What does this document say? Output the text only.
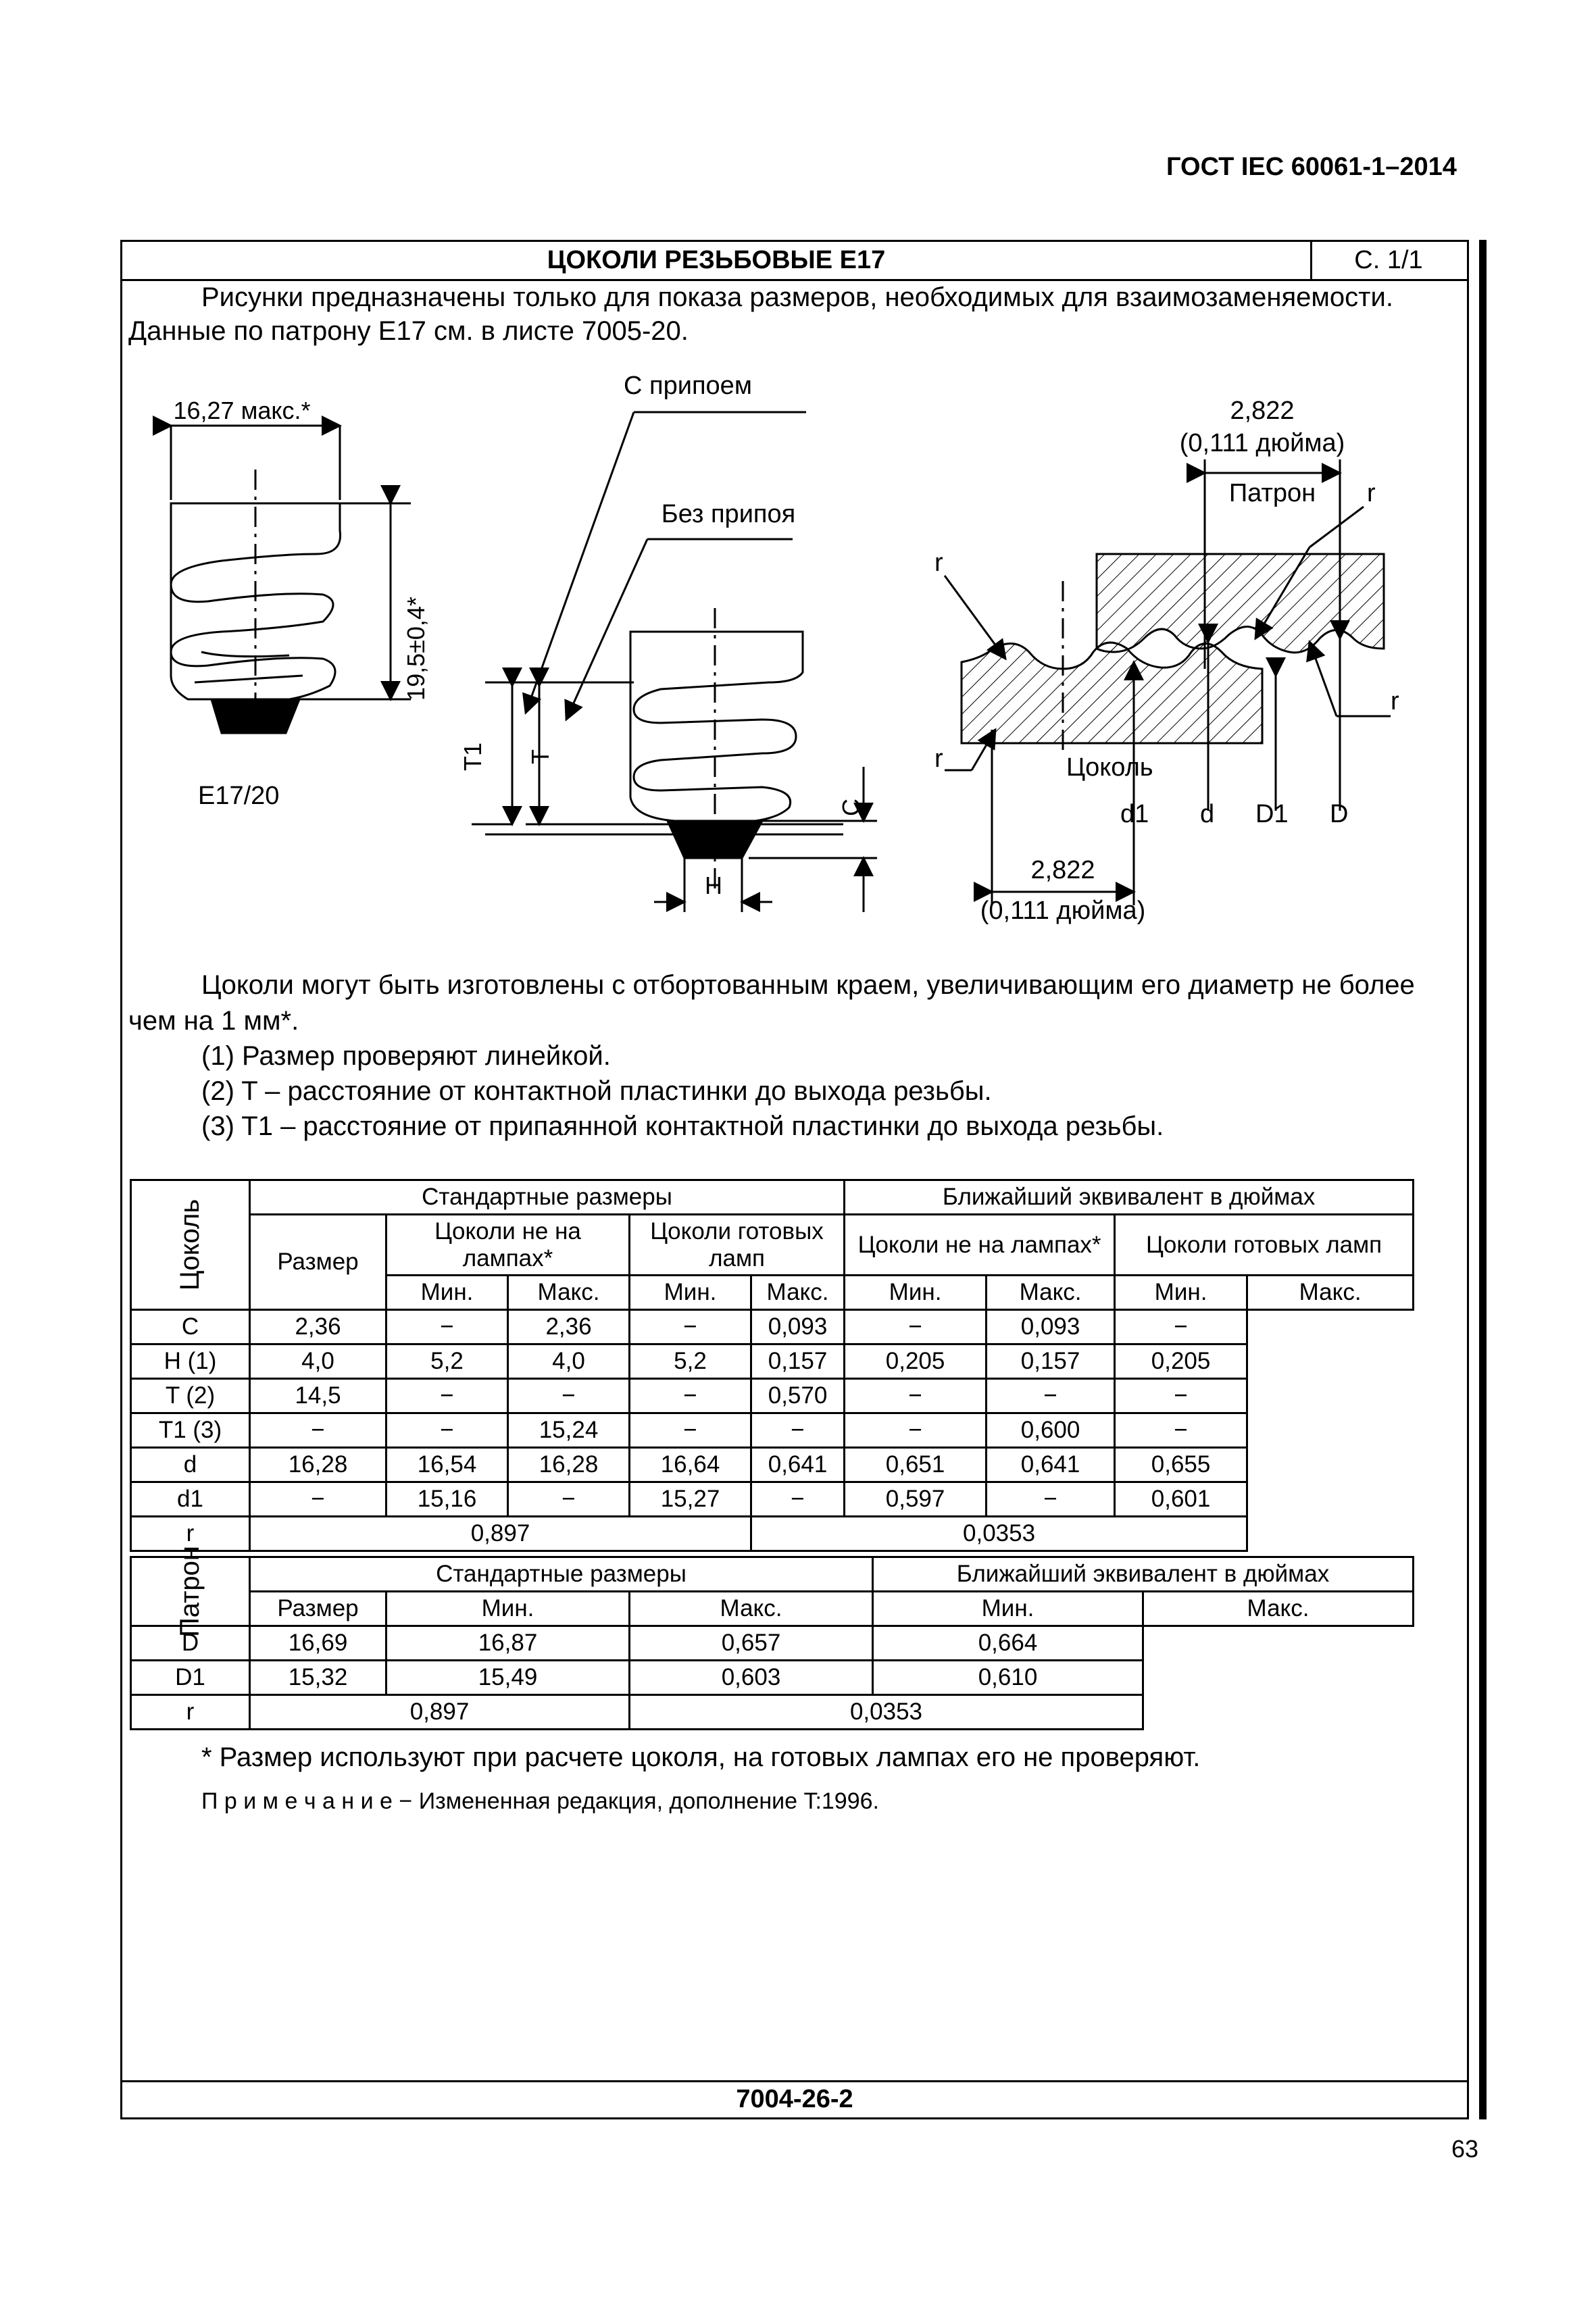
ГОСТ IEC 60061-1–2014
ЦОКОЛИ РЕЗЬБОВЫЕ E17	С. 1/1
7004-26-2
Рисунки предназначены только для показа размеров, необходимых для взаимозаменяемости.
Данные по патрону E17 см. в листе 7005-20.
16,27 макс.*
19,5±0,4*
E17/20
С припоем
Без припоя
T1 T
C
H
2,822
(0,111 дюйма)
Патрон r
r
r
r
Цоколь
d1 d D1 D
2,822
(0,111 дюйма)
Цоколи могут быть изготовлены с отбортованным краем, увеличивающим его диаметр не более
чем на 1 мм*.
(1) Размер проверяют линейкой.
(2) T – расстояние от контактной пластинки до выхода резьбы.
(3) T1 – расстояние от припаянной контактной пластинки до выхода резьбы.
Цоколь	Стандартные размеры					Ближайший эквивалент в дюймах			
	Размер	Цоколи не на лампах*		Цоколи готовых ламп		Цоколи не на лампах*		Цоколи готовых ламп	
		Мин.	Макс.	Мин.	Макс.	Мин.	Макс.	Мин.	Макс.
C	2,36	−	2,36	−	0,093	−	0,093	−	
H (1)	4,0	5,2	4,0	5,2	0,157	0,205	0,157	0,205	
T (2)	14,5	−	−	−	0,570	−	−	−	
T1 (3)	−	−	15,24	−	−	−	0,600	−	
d	16,28	16,54	16,28	16,64	0,641	0,651	0,641	0,655	
d1	−	15,16	−	15,27	−	0,597	−	0,601	
r	0,897				0,0353				
Патрон	Стандартные размеры			Ближайший эквивалент в дюймах	
	Размер	Мин.	Макс.	Мин.	Макс.
D	16,69	16,87	0,657	0,664	
D1	15,32	15,49	0,603	0,610	
r	0,897		0,0353		
* Размер используют при расчете цоколя, на готовых лампах его не проверяют.
П р и м е ч а н и е − Измененная редакция, дополнение T:1996.
63
